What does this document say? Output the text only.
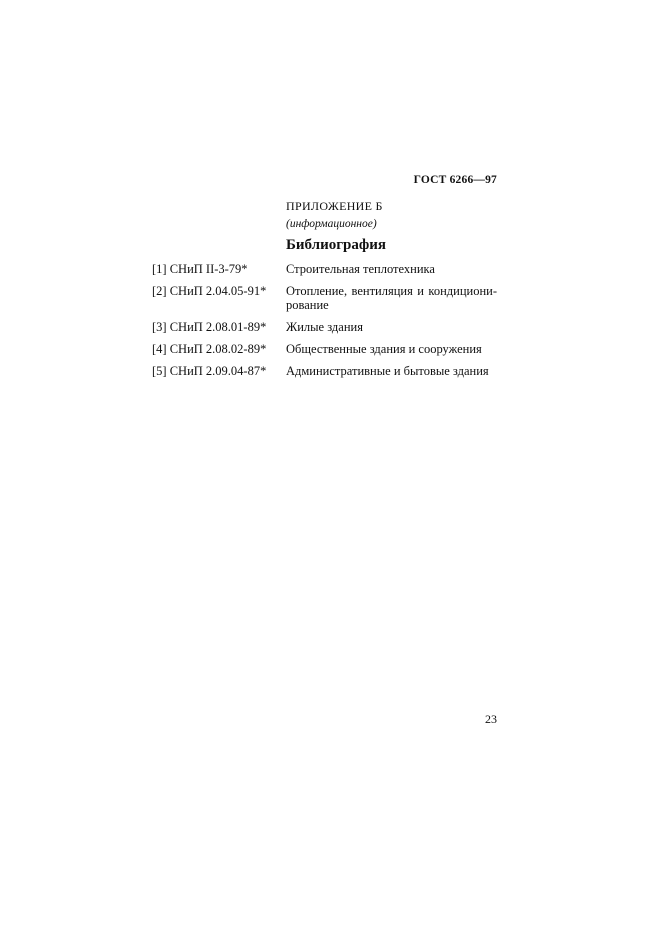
ГОСТ 6266—97
ПРИЛОЖЕНИЕ Б
(информационное)
Библиография
[1] СНиП II-3-79*	Строительная теплотехника
[2] СНиП 2.04.05-91*	Отопление, вентиляция и кондициони-рование
[3] СНиП 2.08.01-89*	Жилые здания
[4] СНиП 2.08.02-89*	Общественные здания и сооружения
[5] СНиП 2.09.04-87*	Административные и бытовые здания
23
